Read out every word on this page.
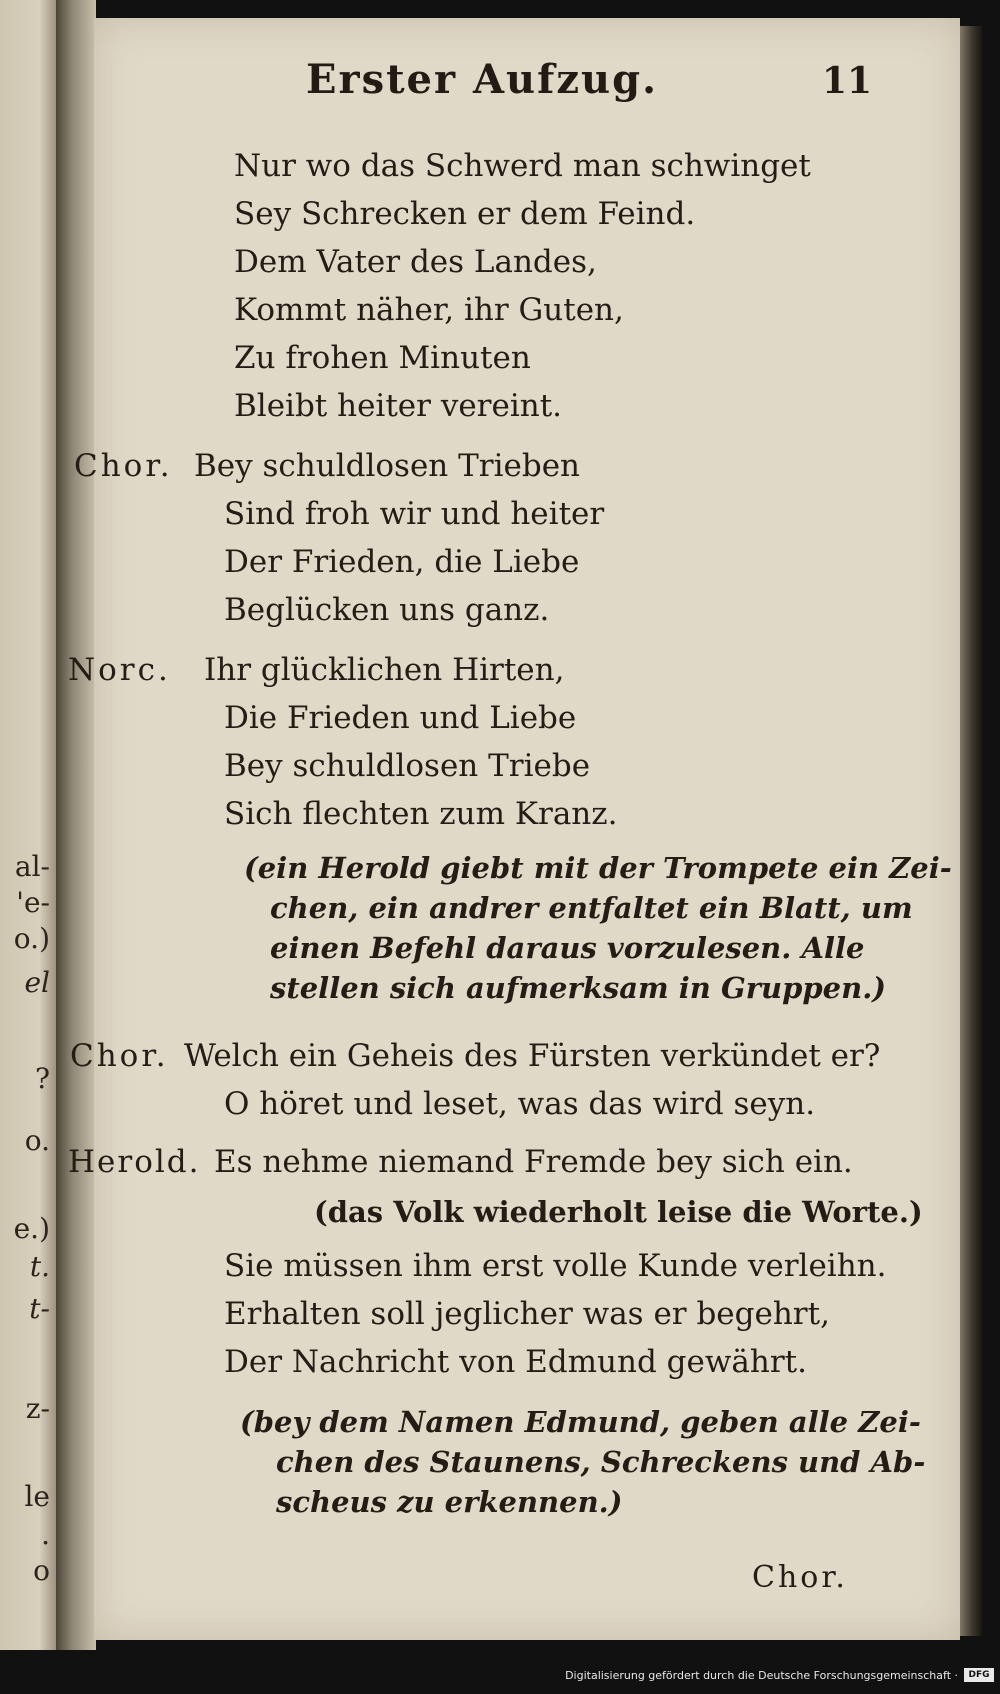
al-
'e-
o.)
el
?
o.
e.)
t.
t-
z-
le
.
o
Erster Aufzug.	11
Nur wo das Schwerd man schwinget
Sey Schrecken er dem Feind.
Dem Vater des Landes,
Kommt näher, ihr Guten,
Zu frohen Minuten
Bleibt heiter vereint.
Chor. Bey schuldlosen Trieben
Sind froh wir und heiter
Der Frieden, die Liebe
Beglücken uns ganz.
Norc. Ihr glücklichen Hirten,
Die Frieden und Liebe
Bey schuldlosen Triebe
Sich flechten zum Kranz.
(ein Herold giebt mit der Trompete ein Zei-
chen, ein andrer entfaltet ein Blatt, um
einen Befehl daraus vorzulesen. Alle
stellen sich aufmerksam in Gruppen.)
Chor. Welch ein Geheis des Fürsten verkündet er?
O höret und leset, was das wird seyn.
Herold. Es nehme niemand Fremde bey sich ein.
(das Volk wiederholt leise die Worte.)
Sie müssen ihm erst volle Kunde verleihn.
Erhalten soll jeglicher was er begehrt,
Der Nachricht von Edmund gewährt.
(bey dem Namen Edmund, geben alle Zei-
chen des Staunens, Schreckens und Ab-
scheus zu erkennen.)
Chor.
Digitalisierung gefördert durch die Deutsche Forschungsgemeinschaft ·	DFG
